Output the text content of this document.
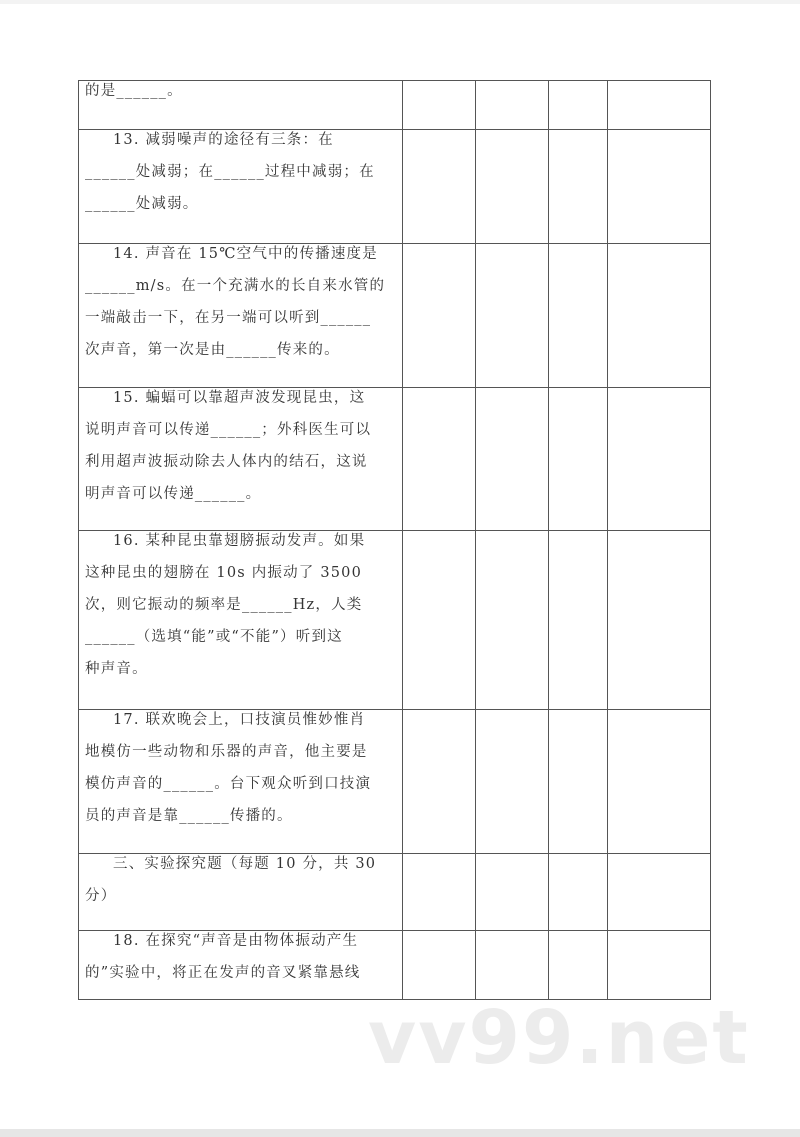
的是______。
13. 减弱噪声的途径有三条：在
______处减弱；在______过程中减弱；在
______处减弱。
14. 声音在 15℃空气中的传播速度是
______m/s。在一个充满水的长自来水管的
一端敲击一下，在另一端可以听到______
次声音，第一次是由______传来的。
15. 蝙蝠可以靠超声波发现昆虫，这
说明声音可以传递______；外科医生可以
利用超声波振动除去人体内的结石，这说
明声音可以传递______。
16. 某种昆虫靠翅膀振动发声。如果
这种昆虫的翅膀在 10s 内振动了 3500
次，则它振动的频率是______Hz，人类
______（选填“能”或“不能”）听到这
种声音。
17. 联欢晚会上，口技演员惟妙惟肖
地模仿一些动物和乐器的声音，他主要是
模仿声音的______。台下观众听到口技演
员的声音是靠______传播的。
三、实验探究题（每题 10 分，共 30
分）
18. 在探究“声音是由物体振动产生
的”实验中，将正在发声的音叉紧靠悬线
vv99.net
